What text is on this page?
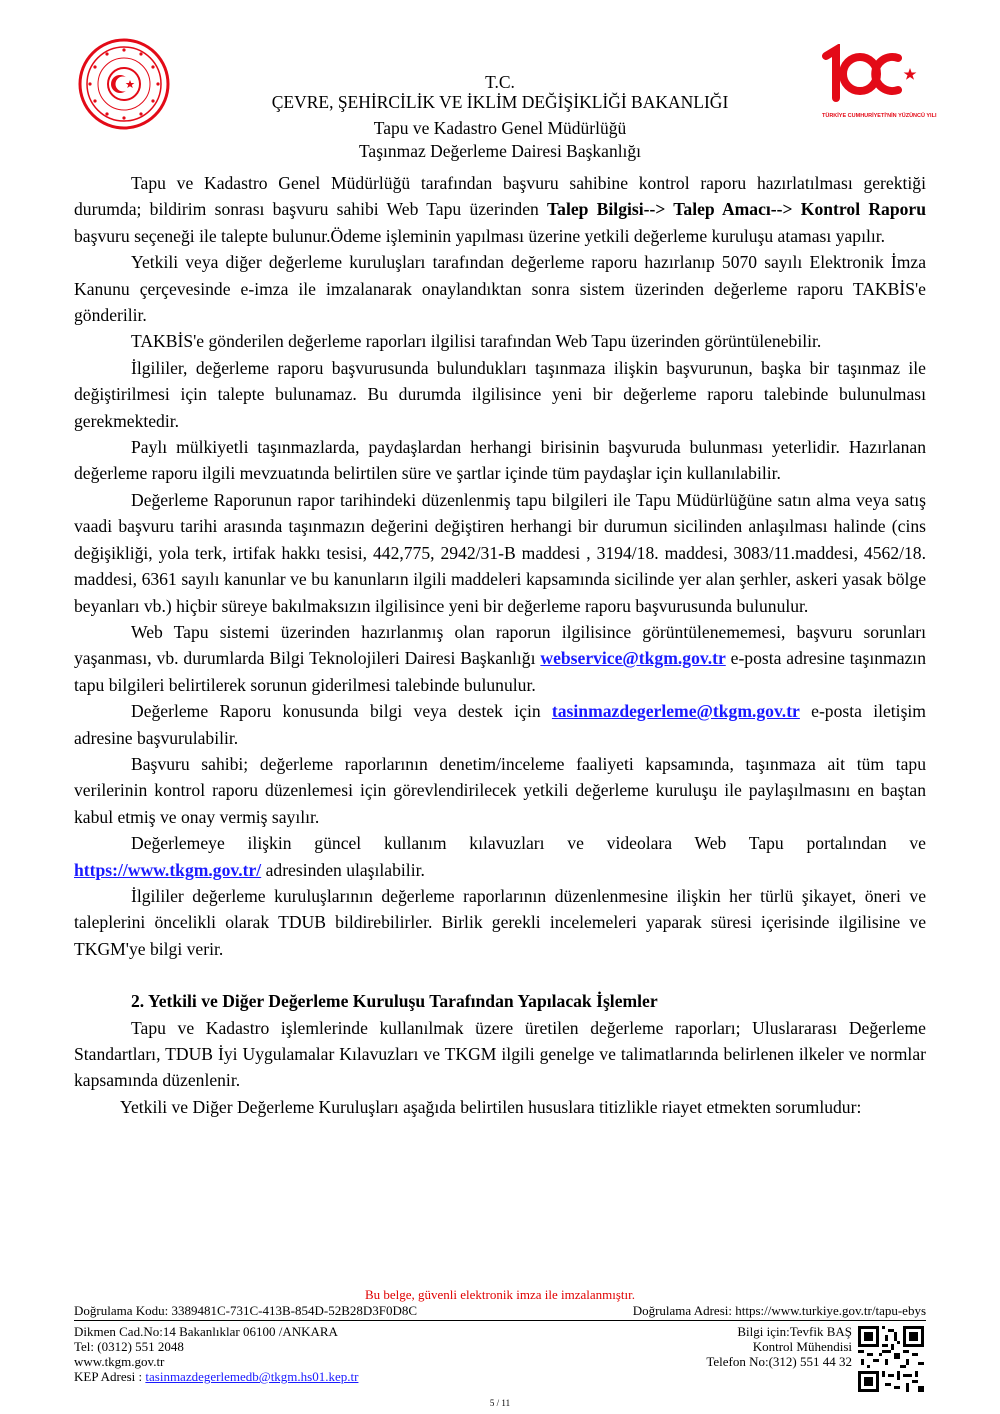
TÜRKİYE CUMHURİYETİ'NİN YÜZÜNCÜ YILI
T.C.
ÇEVRE, ŞEHİRCİLİK VE İKLİM DEĞİŞİKLİĞİ BAKANLIĞI
Tapu ve Kadastro Genel Müdürlüğü
Taşınmaz Değerleme Dairesi Başkanlığı

Tapu ve Kadastro Genel Müdürlüğü tarafından başvuru sahibine kontrol raporu hazırlatılması gerektiği durumda; bildirim sonrası başvuru sahibi Web Tapu üzerinden Talep Bilgisi--> Talep Amacı--> Kontrol Raporu başvuru seçeneği ile talepte bulunur.Ödeme işleminin yapılması üzerine yetkili değerleme kuruluşu ataması yapılır.

Yetkili veya diğer değerleme kuruluşları tarafından değerleme raporu hazırlanıp 5070 sayılı Elektronik İmza Kanunu çerçevesinde e-imza ile imzalanarak onaylandıktan sonra sistem üzerinden değerleme raporu TAKBİS'e gönderilir.

TAKBİS'e gönderilen değerleme raporları ilgilisi tarafından Web Tapu üzerinden görüntülenebilir.

İlgililer, değerleme raporu başvurusunda bulundukları taşınmaza ilişkin başvurunun, başka bir taşınmaz ile değiştirilmesi için talepte bulunamaz. Bu durumda ilgilisince yeni bir değerleme raporu talebinde bulunulması gerekmektedir.

Paylı mülkiyetli taşınmazlarda, paydaşlardan herhangi birisinin başvuruda bulunması yeterlidir. Hazırlanan değerleme raporu ilgili mevzuatında belirtilen süre ve şartlar içinde tüm paydaşlar için kullanılabilir.

Değerleme Raporunun rapor tarihindeki düzenlenmiş tapu bilgileri ile Tapu Müdürlüğüne satın alma veya satış vaadi başvuru tarihi arasında taşınmazın değerini değiştiren herhangi bir durumun sicilinden anlaşılması halinde (cins değişikliği, yola terk, irtifak hakkı tesisi, 442,775, 2942/31-B maddesi , 3194/18. maddesi, 3083/11.maddesi, 4562/18. maddesi, 6361 sayılı kanunlar ve bu kanunların ilgili maddeleri kapsamında sicilinde yer alan şerhler, askeri yasak bölge beyanları vb.) hiçbir süreye bakılmaksızın ilgilisince yeni bir değerleme raporu başvurusunda bulunulur.

Web Tapu sistemi üzerinden hazırlanmış olan raporun ilgilisince görüntülenememesi, başvuru sorunları yaşanması, vb. durumlarda Bilgi Teknolojileri Dairesi Başkanlığı webservice@tkgm.gov.tr e-posta adresine taşınmazın tapu bilgileri belirtilerek sorunun giderilmesi talebinde bulunulur.

Değerleme Raporu konusunda bilgi veya destek için tasinmazdegerleme@tkgm.gov.tr e-posta iletişim adresine başvurulabilir.

Başvuru sahibi; değerleme raporlarının denetim/inceleme faaliyeti kapsamında, taşınmaza ait tüm tapu verilerinin kontrol raporu düzenlemesi için görevlendirilecek yetkili değerleme kuruluşu ile paylaşılmasını en baştan kabul etmiş ve onay vermiş sayılır.

Değerlemeye ilişkin güncel kullanım kılavuzları ve videolara Web Tapu portalından ve https://www.tkgm.gov.tr/ adresinden ulaşılabilir.

İlgililer değerleme kuruluşlarının değerleme raporlarının düzenlenmesine ilişkin her türlü şikayet, öneri ve taleplerini öncelikli olarak TDUB bildirebilirler. Birlik gerekli incelemeleri yaparak süresi içerisinde ilgilisine ve TKGM'ye bilgi verir.

2. Yetkili ve Diğer Değerleme Kuruluşu Tarafından Yapılacak İşlemler

Tapu ve Kadastro işlemlerinde kullanılmak üzere üretilen değerleme raporları; Uluslararası Değerleme Standartları, TDUB İyi Uygulamalar Kılavuzları ve TKGM ilgili genelge ve talimatlarında belirlenen ilkeler ve normlar kapsamında düzenlenir.

Yetkili ve Diğer Değerleme Kuruluşları aşağıda belirtilen hususlara titizlikle riayet etmekten sorumludur:

Bu belge, güvenli elektronik imza ile imzalanmıştır.
Doğrulama Kodu: 3389481C-731C-413B-854D-52B28D3F0D8C	Doğrulama Adresi: https://www.turkiye.gov.tr/tapu-ebys
Dikmen Cad.No:14 Bakanlıklar 06100 /ANKARA
Tel: (0312) 551 2048
www.tkgm.gov.tr
KEP Adresi : tasinmazdegerlemedb@tkgm.hs01.kep.tr
Bilgi için:Tevfik BAŞ
Kontrol Mühendisi
Telefon No:(312) 551 44 32
5 / 11
